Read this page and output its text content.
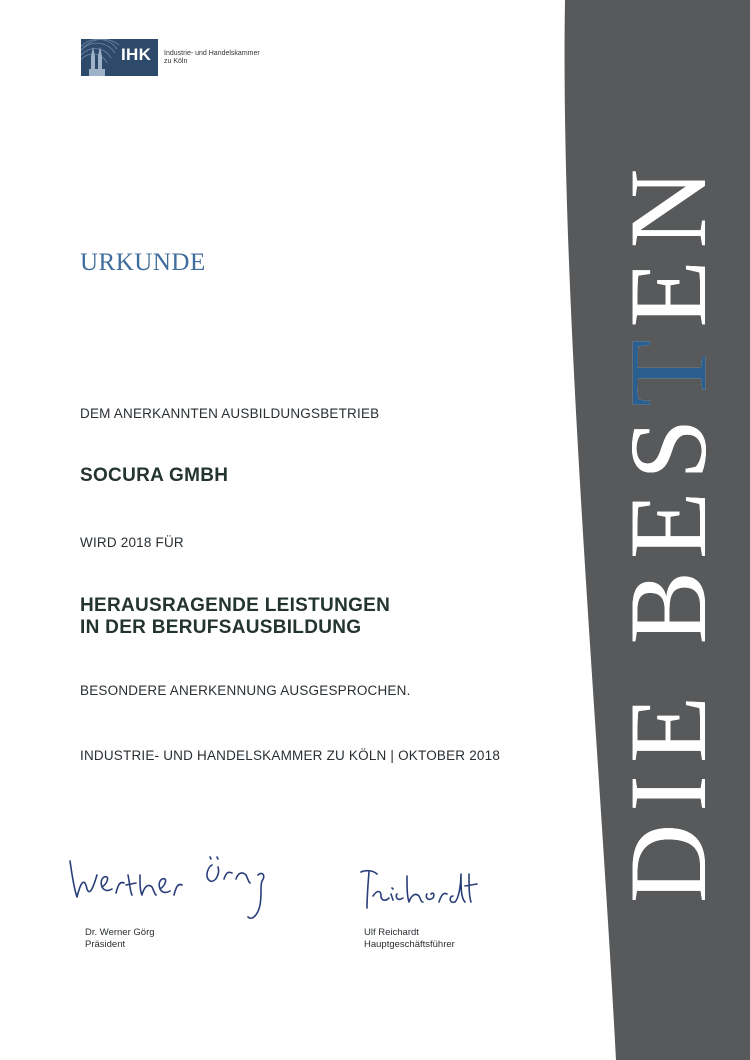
DIE BESTEN
IHK Industrie- und Handelskammer
zu Köln
URKUNDE
DEM ANERKANNTEN AUSBILDUNGSBETRIEB
SOCURA GMBH
WIRD 2018 FÜR
HERAUSRAGENDE LEISTUNGEN
IN DER BERUFSAUSBILDUNG
BESONDERE ANERKENNUNG AUSGESPROCHEN.
INDUSTRIE- UND HANDELSKAMMER ZU KÖLN | OKTOBER 2018
Dr. Werner Görg
Präsident
Ulf Reichardt
Hauptgeschäftsführer
